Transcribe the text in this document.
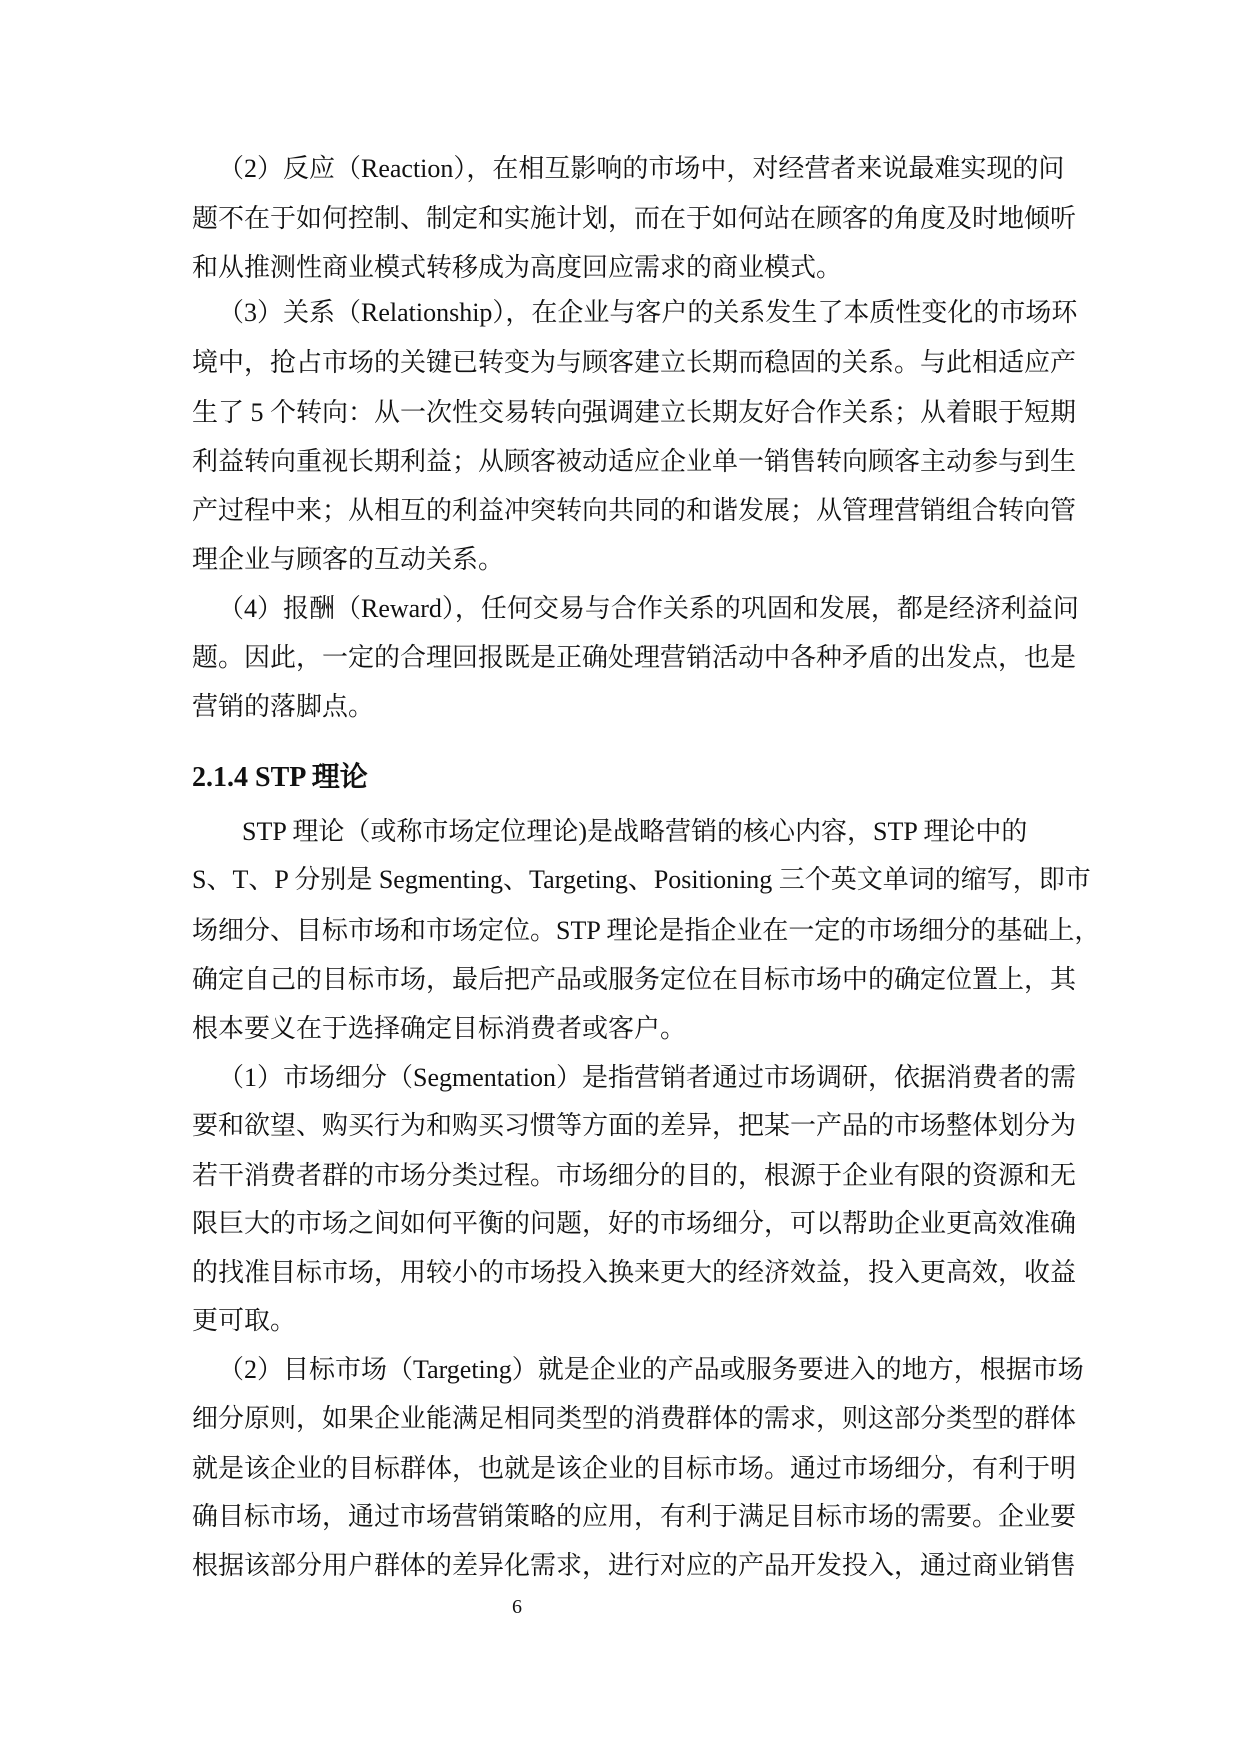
（2）反应（Reaction），在相互影响的市场中，对经营者来说最难实现的问
题不在于如何控制、制定和实施计划，而在于如何站在顾客的角度及时地倾听
和从推测性商业模式转移成为高度回应需求的商业模式。
（3）关系（Relationship），在企业与客户的关系发生了本质性变化的市场环
境中，抢占市场的关键已转变为与顾客建立长期而稳固的关系。与此相适应产
生了 5 个转向：从一次性交易转向强调建立长期友好合作关系；从着眼于短期
利益转向重视长期利益；从顾客被动适应企业单一销售转向顾客主动参与到生
产过程中来；从相互的利益冲突转向共同的和谐发展；从管理营销组合转向管
理企业与顾客的互动关系。
（4）报酬（Reward），任何交易与合作关系的巩固和发展，都是经济利益问
题。因此，一定的合理回报既是正确处理营销活动中各种矛盾的出发点，也是
营销的落脚点。
2.1.4 STP 理论
STP 理论（或称市场定位理论)是战略营销的核心内容，STP 理论中的
S、T、P 分别是 Segmenting、Targeting、Positioning 三个英文单词的缩写，即市
场细分、目标市场和市场定位。STP 理论是指企业在一定的市场细分的基础上，
确定自己的目标市场，最后把产品或服务定位在目标市场中的确定位置上，其
根本要义在于选择确定目标消费者或客户。
（1）市场细分（Segmentation）是指营销者通过市场调研，依据消费者的需
要和欲望、购买行为和购买习惯等方面的差异，把某一产品的市场整体划分为
若干消费者群的市场分类过程。市场细分的目的，根源于企业有限的资源和无
限巨大的市场之间如何平衡的问题，好的市场细分，可以帮助企业更高效准确
的找准目标市场，用较小的市场投入换来更大的经济效益，投入更高效，收益
更可取。
（2）目标市场（Targeting）就是企业的产品或服务要进入的地方，根据市场
细分原则，如果企业能满足相同类型的消费群体的需求，则这部分类型的群体
就是该企业的目标群体，也就是该企业的目标市场。通过市场细分，有利于明
确目标市场，通过市场营销策略的应用，有利于满足目标市场的需要。企业要
根据该部分用户群体的差异化需求，进行对应的产品开发投入，通过商业销售
6
